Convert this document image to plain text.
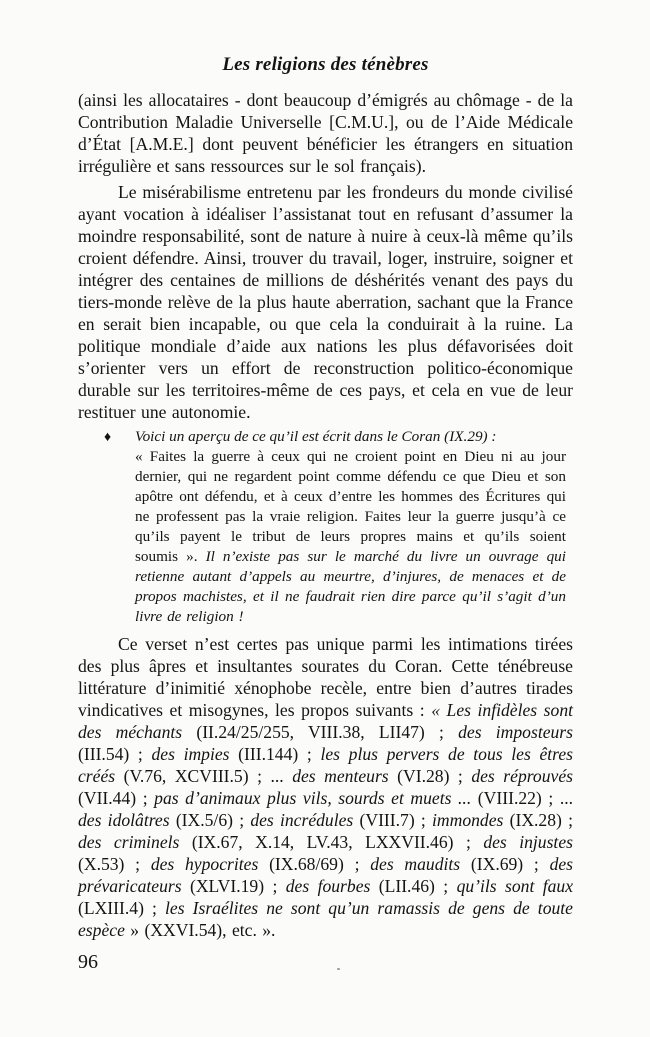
Les religions des ténèbres

(ainsi les allocataires - dont beaucoup d’émigrés au chômage - de la Contribution Maladie Universelle [C.M.U.], ou de l’Aide Médicale d’État [A.M.E.] dont peuvent bénéficier les étrangers en situation irrégulière et sans ressources sur le sol français).

Le misérabilisme entretenu par les frondeurs du monde civilisé ayant vocation à idéaliser l’assistanat tout en refusant d’assumer la moindre responsabilité, sont de nature à nuire à ceux-là même qu’ils croient défendre. Ainsi, trouver du travail, loger, instruire, soigner et intégrer des centaines de millions de déshérités venant des pays du tiers-monde relève de la plus haute aberration, sachant que la France en serait bien incapable, ou que cela la conduirait à la ruine. La politique mondiale d’aide aux nations les plus défavorisées doit s’orienter vers un effort de reconstruction politico-économique durable sur les territoires-même de ces pays, et cela en vue de leur restituer une autonomie.

♦ Voici un aperçu de ce qu’il est écrit dans le Coran (IX.29) :

« Faites la guerre à ceux qui ne croient point en Dieu ni au jour dernier, qui ne regardent point comme défendu ce que Dieu et son apôtre ont défendu, et à ceux d’entre les hommes des Écritures qui ne professent pas la vraie religion. Faites leur la guerre jusqu’à ce qu’ils payent le tribut de leurs propres mains et qu’ils soient soumis ». Il n’existe pas sur le marché du livre un ouvrage qui retienne autant d’appels au meurtre, d’injures, de menaces et de propos machistes, et il ne faudrait rien dire parce qu’il s’agit d’un livre de religion !

Ce verset n’est certes pas unique parmi les intimations tirées des plus âpres et insultantes sourates du Coran. Cette ténébreuse littérature d’inimitié xénophobe recèle, entre bien d’autres tirades vindicatives et misogynes, les propos suivants : « Les infidèles sont des méchants (II.24/25/255, VIII.38, LII47) ; des imposteurs (III.54) ; des impies (III.144) ; les plus pervers de tous les êtres créés (V.76, XCVIII.5) ; ... des menteurs (VI.28) ; des réprouvés (VII.44) ; pas d’animaux plus vils, sourds et muets ... (VIII.22) ; ... des idolâtres (IX.5/6) ; des incrédules (VIII.7) ; immondes (IX.28) ; des criminels (IX.67, X.14, LV.43, LXXVII.46) ; des injustes (X.53) ; des hypocrites (IX.68/69) ; des maudits (IX.69) ; des prévaricateurs (XLVI.19) ; des fourbes (LII.46) ; qu’ils sont faux (LXIII.4) ; les Israélites ne sont qu’un ramassis de gens de toute espèce » (XXVI.54), etc. ».

96
